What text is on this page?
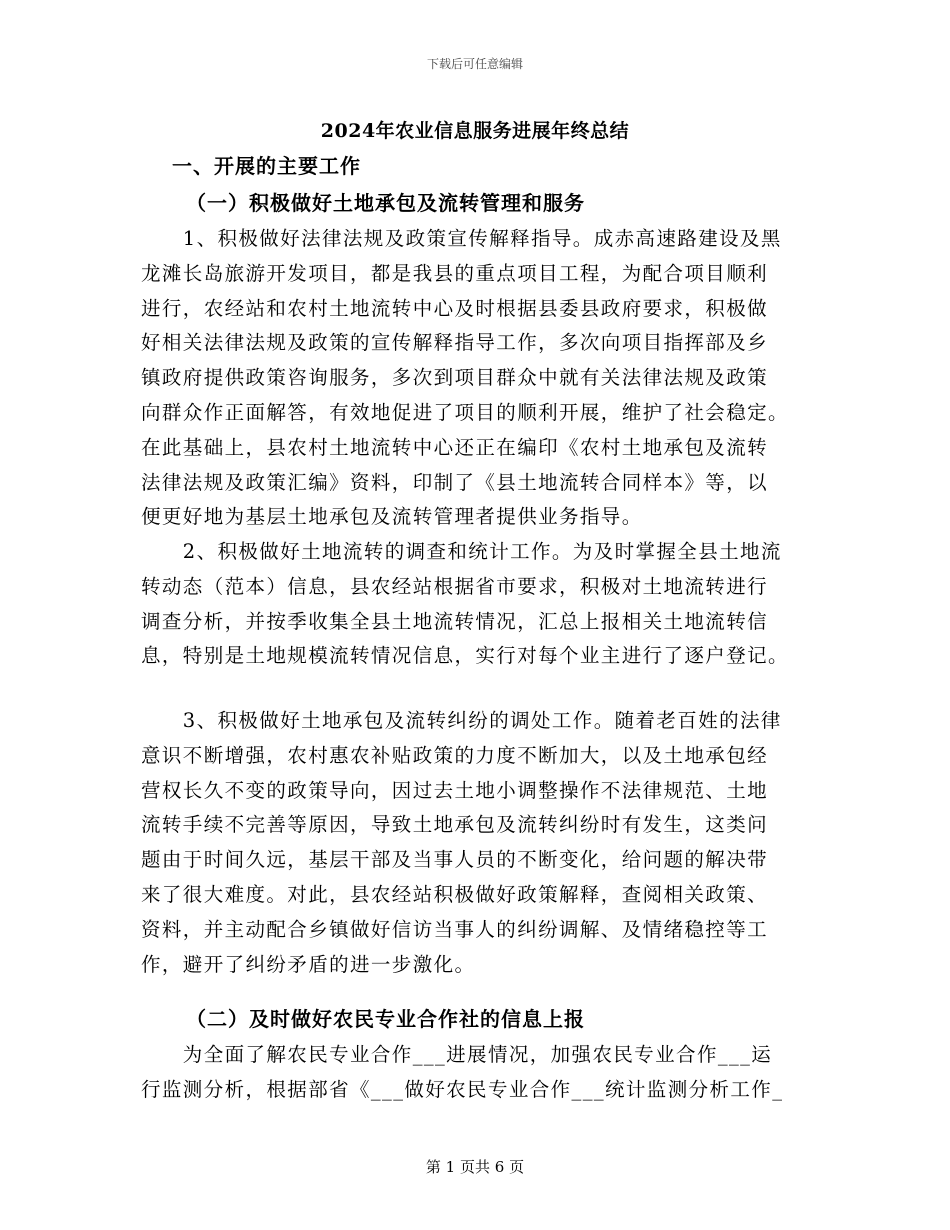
下载后可任意编辑
2024年农业信息服务进展年终总结
一、开展的主要工作
（一）积极做好土地承包及流转管理和服务
　　1、积极做好法律法规及政策宣传解释指导。成赤高速路建设及黑
龙滩长岛旅游开发项目，都是我县的重点项目工程，为配合项目顺利
进行，农经站和农村土地流转中心及时根据县委县政府要求，积极做
好相关法律法规及政策的宣传解释指导工作，多次向项目指挥部及乡
镇政府提供政策咨询服务，多次到项目群众中就有关法律法规及政策
向群众作正面解答，有效地促进了项目的顺利开展，维护了社会稳定。
在此基础上，县农村土地流转中心还正在编印《农村土地承包及流转
法律法规及政策汇编》资料，印制了《县土地流转合同样本》等，以
便更好地为基层土地承包及流转管理者提供业务指导。
　　2、积极做好土地流转的调查和统计工作。为及时掌握全县土地流
转动态（范本）信息，县农经站根据省市要求，积极对土地流转进行
调查分析，并按季收集全县土地流转情况，汇总上报相关土地流转信
息，特别是土地规模流转情况信息，实行对每个业主进行了逐户登记。
　　3、积极做好土地承包及流转纠纷的调处工作。随着老百姓的法律
意识不断增强，农村惠农补贴政策的力度不断加大，以及土地承包经
营权长久不变的政策导向，因过去土地小调整操作不法律规范、土地
流转手续不完善等原因，导致土地承包及流转纠纷时有发生，这类问
题由于时间久远，基层干部及当事人员的不断变化，给问题的解决带
来了很大难度。对此，县农经站积极做好政策解释，查阅相关政策、
资料，并主动配合乡镇做好信访当事人的纠纷调解、及情绪稳控等工
作，避开了纠纷矛盾的进一步激化。
（二）及时做好农民专业合作社的信息上报
　　为全面了解农民专业合作___进展情况，加强农民专业合作___运
行监测分析，根据部省《___做好农民专业合作___统计监测分析工作_
第 1 页共 6 页
